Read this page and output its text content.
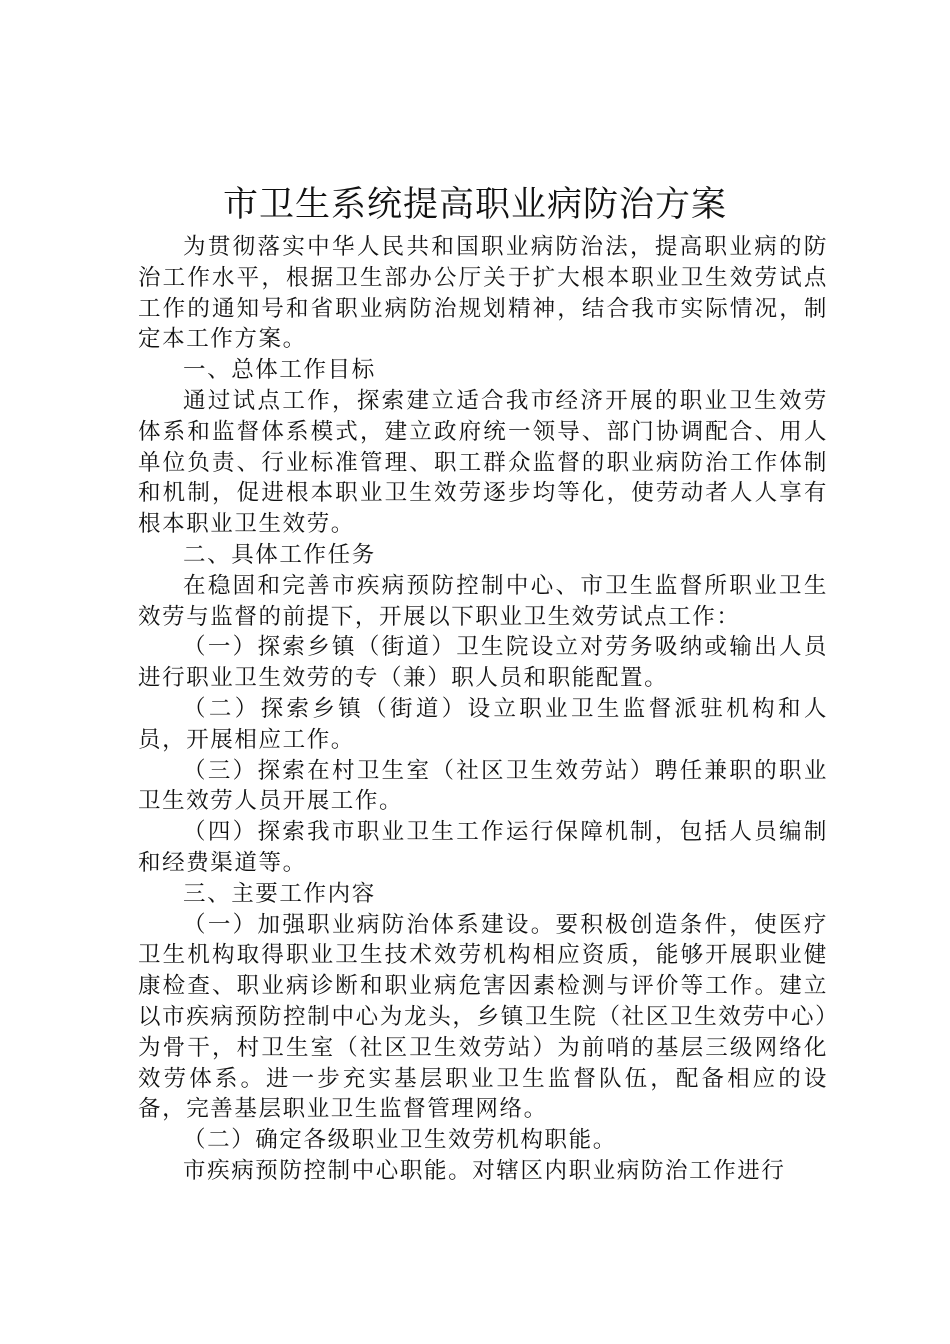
市卫生系统提高职业病防治方案

为贯彻落实中华人民共和国职业病防治法，提高职业病的防治工作水平，根据卫生部办公厅关于扩大根本职业卫生效劳试点工作的通知号和省职业病防治规划精神，结合我市实际情况，制定本工作方案。

一、总体工作目标

通过试点工作，探索建立适合我市经济开展的职业卫生效劳体系和监督体系模式，建立政府统一领导、部门协调配合、用人单位负责、行业标准管理、职工群众监督的职业病防治工作体制和机制，促进根本职业卫生效劳逐步均等化，使劳动者人人享有根本职业卫生效劳。

二、具体工作任务

在稳固和完善市疾病预防控制中心、市卫生监督所职业卫生效劳与监督的前提下，开展以下职业卫生效劳试点工作：

（一）探索乡镇（街道）卫生院设立对劳务吸纳或输出人员进行职业卫生效劳的专（兼）职人员和职能配置。

（二）探索乡镇（街道）设立职业卫生监督派驻机构和人员，开展相应工作。

（三）探索在村卫生室（社区卫生效劳站）聘任兼职的职业卫生效劳人员开展工作。

（四）探索我市职业卫生工作运行保障机制，包括人员编制和经费渠道等。

三、主要工作内容

（一）加强职业病防治体系建设。要积极创造条件，使医疗卫生机构取得职业卫生技术效劳机构相应资质，能够开展职业健康检查、职业病诊断和职业病危害因素检测与评价等工作。建立以市疾病预防控制中心为龙头，乡镇卫生院（社区卫生效劳中心）为骨干，村卫生室（社区卫生效劳站）为前哨的基层三级网络化效劳体系。进一步充实基层职业卫生监督队伍，配备相应的设备，完善基层职业卫生监督管理网络。

（二）确定各级职业卫生效劳机构职能。

市疾病预防控制中心职能。对辖区内职业病防治工作进行
